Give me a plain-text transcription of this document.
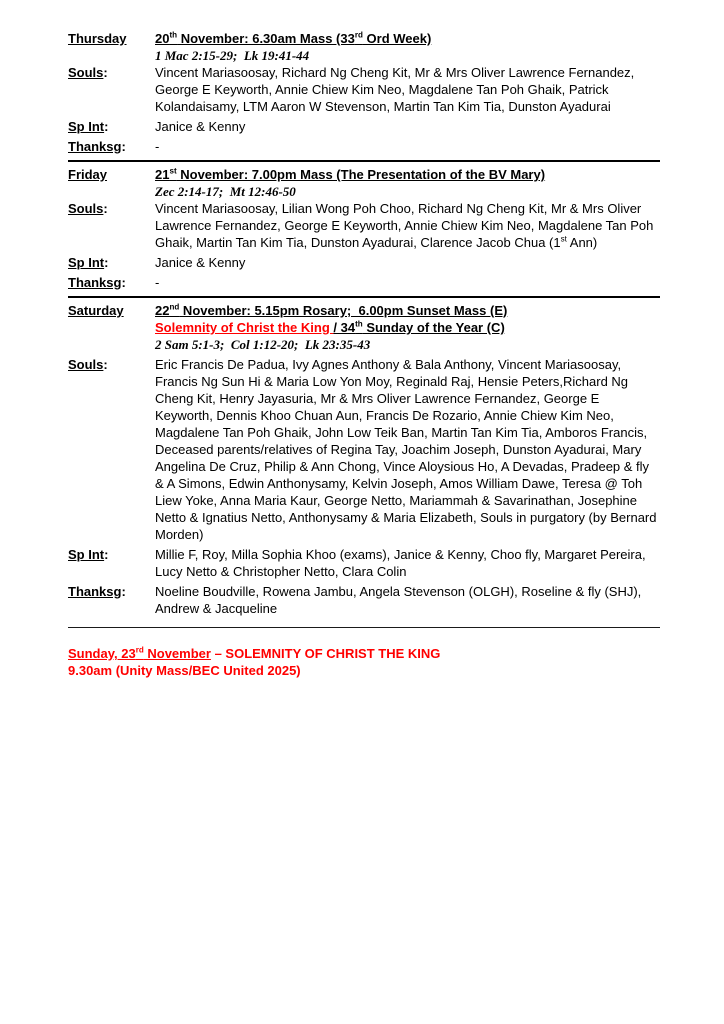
Thursday	20th November: 6.30am Mass (33rd Ord Week)
1 Mac 2:15-29;  Lk 19:41-44
Souls:	Vincent Mariasoosay, Richard Ng Cheng Kit, Mr & Mrs Oliver Lawrence Fernandez, George E Keyworth, Annie Chiew Kim Neo, Magdalene Tan Poh Ghaik, Patrick Kolandaisamy, LTM Aaron W Stevenson, Martin Tan Kim Tia, Dunston Ayadurai
Sp Int:	Janice & Kenny
Thanksg:	-
Friday	21st November: 7.00pm Mass (The Presentation of the BV Mary)
Zec 2:14-17;  Mt 12:46-50
Souls:	Vincent Mariasoosay, Lilian Wong Poh Choo, Richard Ng Cheng Kit, Mr & Mrs Oliver Lawrence Fernandez, George E Keyworth, Annie Chiew Kim Neo, Magdalene Tan Poh Ghaik, Martin Tan Kim Tia, Dunston Ayadurai, Clarence Jacob Chua (1st Ann)
Sp Int:	Janice & Kenny
Thanksg:	-
Saturday	22nd November: 5.15pm Rosary;  6.00pm Sunset Mass (E)
Solemnity of Christ the King / 34th Sunday of the Year (C)
2 Sam 5:1-3;  Col 1:12-20;  Lk 23:35-43
Souls:	Eric Francis De Padua, Ivy Agnes Anthony & Bala Anthony, Vincent Mariasoosay, Francis Ng Sun Hi & Maria Low Yon Moy, Reginald Raj, Hensie Peters,Richard Ng Cheng Kit, Henry Jayasuria, Mr & Mrs Oliver Lawrence Fernandez, George E Keyworth, Dennis Khoo Chuan Aun, Francis De Rozario, Annie Chiew Kim Neo, Magdalene Tan Poh Ghaik, John Low Teik Ban, Martin Tan Kim Tia, Amboros Francis, Deceased parents/relatives of Regina Tay, Joachim Joseph, Dunston Ayadurai, Mary Angelina De Cruz, Philip & Ann Chong, Vince Aloysious Ho, A Devadas, Pradeep & fly & A Simons, Edwin Anthonysamy, Kelvin Joseph, Amos William Dawe, Teresa @ Toh Liew Yoke, Anna Maria Kaur, George Netto, Mariammah & Savarinathan, Josephine Netto & Ignatius Netto, Anthonysamy & Maria Elizabeth, Souls in purgatory (by Bernard Morden)
Sp Int:	Millie F, Roy, Milla Sophia Khoo (exams), Janice & Kenny, Choo fly, Margaret Pereira, Lucy Netto & Christopher Netto, Clara Colin
Thanksg:	Noeline Boudville, Rowena Jambu, Angela Stevenson (OLGH), Roseline & fly (SHJ), Andrew & Jacqueline
Sunday, 23rd November – SOLEMNITY OF CHRIST THE KING
9.30am (Unity Mass/BEC United 2025)
